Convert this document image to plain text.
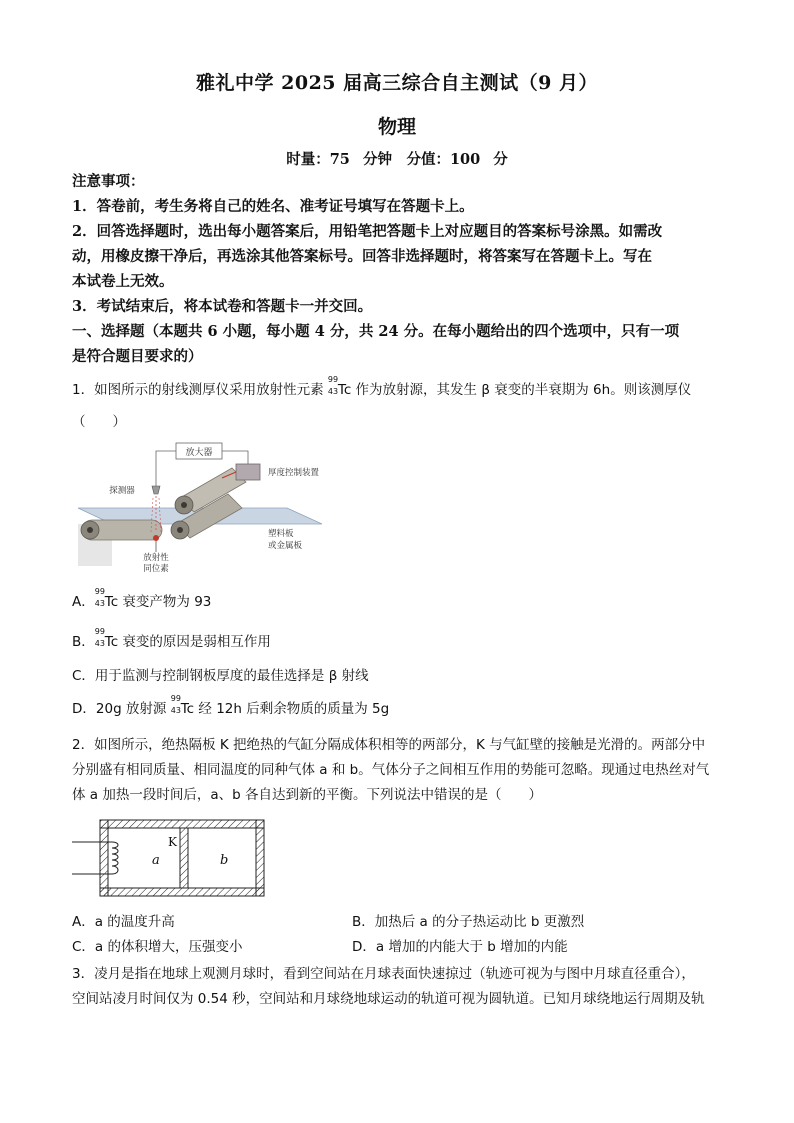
雅礼中学 2025 届高三综合自主测试（9 月）
物理
时量：75 分钟　分值：100 分
注意事项：
1．答卷前，考生务将自己的姓名、准考证号填写在答题卡上。
2．回答选择题时，选出每小题答案后，用铅笔把答题卡上对应题目的答案标号涂黑。如需改
动，用橡皮擦干净后，再选涂其他答案标号。回答非选择题时，将答案写在答题卡上。写在
本试卷上无效。
3．考试结束后，将本试卷和答题卡一并交回。
一、选择题（本题共 6 小题，每小题 4 分，共 24 分。在每小题给出的四个选项中，只有一项
是符合题目要求的）
1．如图所示的射线测厚仪采用放射性元素
99
43 Tc 作为放射源，其发生 β 衰变的半衰期为 6h。则该测厚仪
（　　）
放大器
探测器
厚度控制装置
放射性
同位素
塑料板
或金属板
A．
99
43 Tc 衰变产物为 93
B．
99
43 Tc 衰变的原因是弱相互作用
C．用于监测与控制钢板厚度的最佳选择是 β 射线
D．20g 放射源
99
43 Tc 经 12h 后剩余物质的质量为 5g
2．如图所示，绝热隔板 K 把绝热的气缸分隔成体积相等的两部分，K 与气缸壁的接触是光滑的。两部分中
分别盛有相同质量、相同温度的同种气体 a 和 b。气体分子之间相互作用的势能可忽略。现通过电热丝对气
体 a 加热一段时间后，a、b 各自达到新的平衡。下列说法中错误的是（　　）
a
K
b
A．a 的温度升高	B．加热后 a 的分子热运动比 b 更激烈
C．a 的体积增大，压强变小	D．a 增加的内能大于 b 增加的内能
3．凌月是指在地球上观测月球时，看到空间站在月球表面快速掠过（轨迹可视为与图中月球直径重合），
空间站凌月时间仅为 0.54 秒，空间站和月球绕地球运动的轨道可视为圆轨道。已知月球绕地运行周期及轨
